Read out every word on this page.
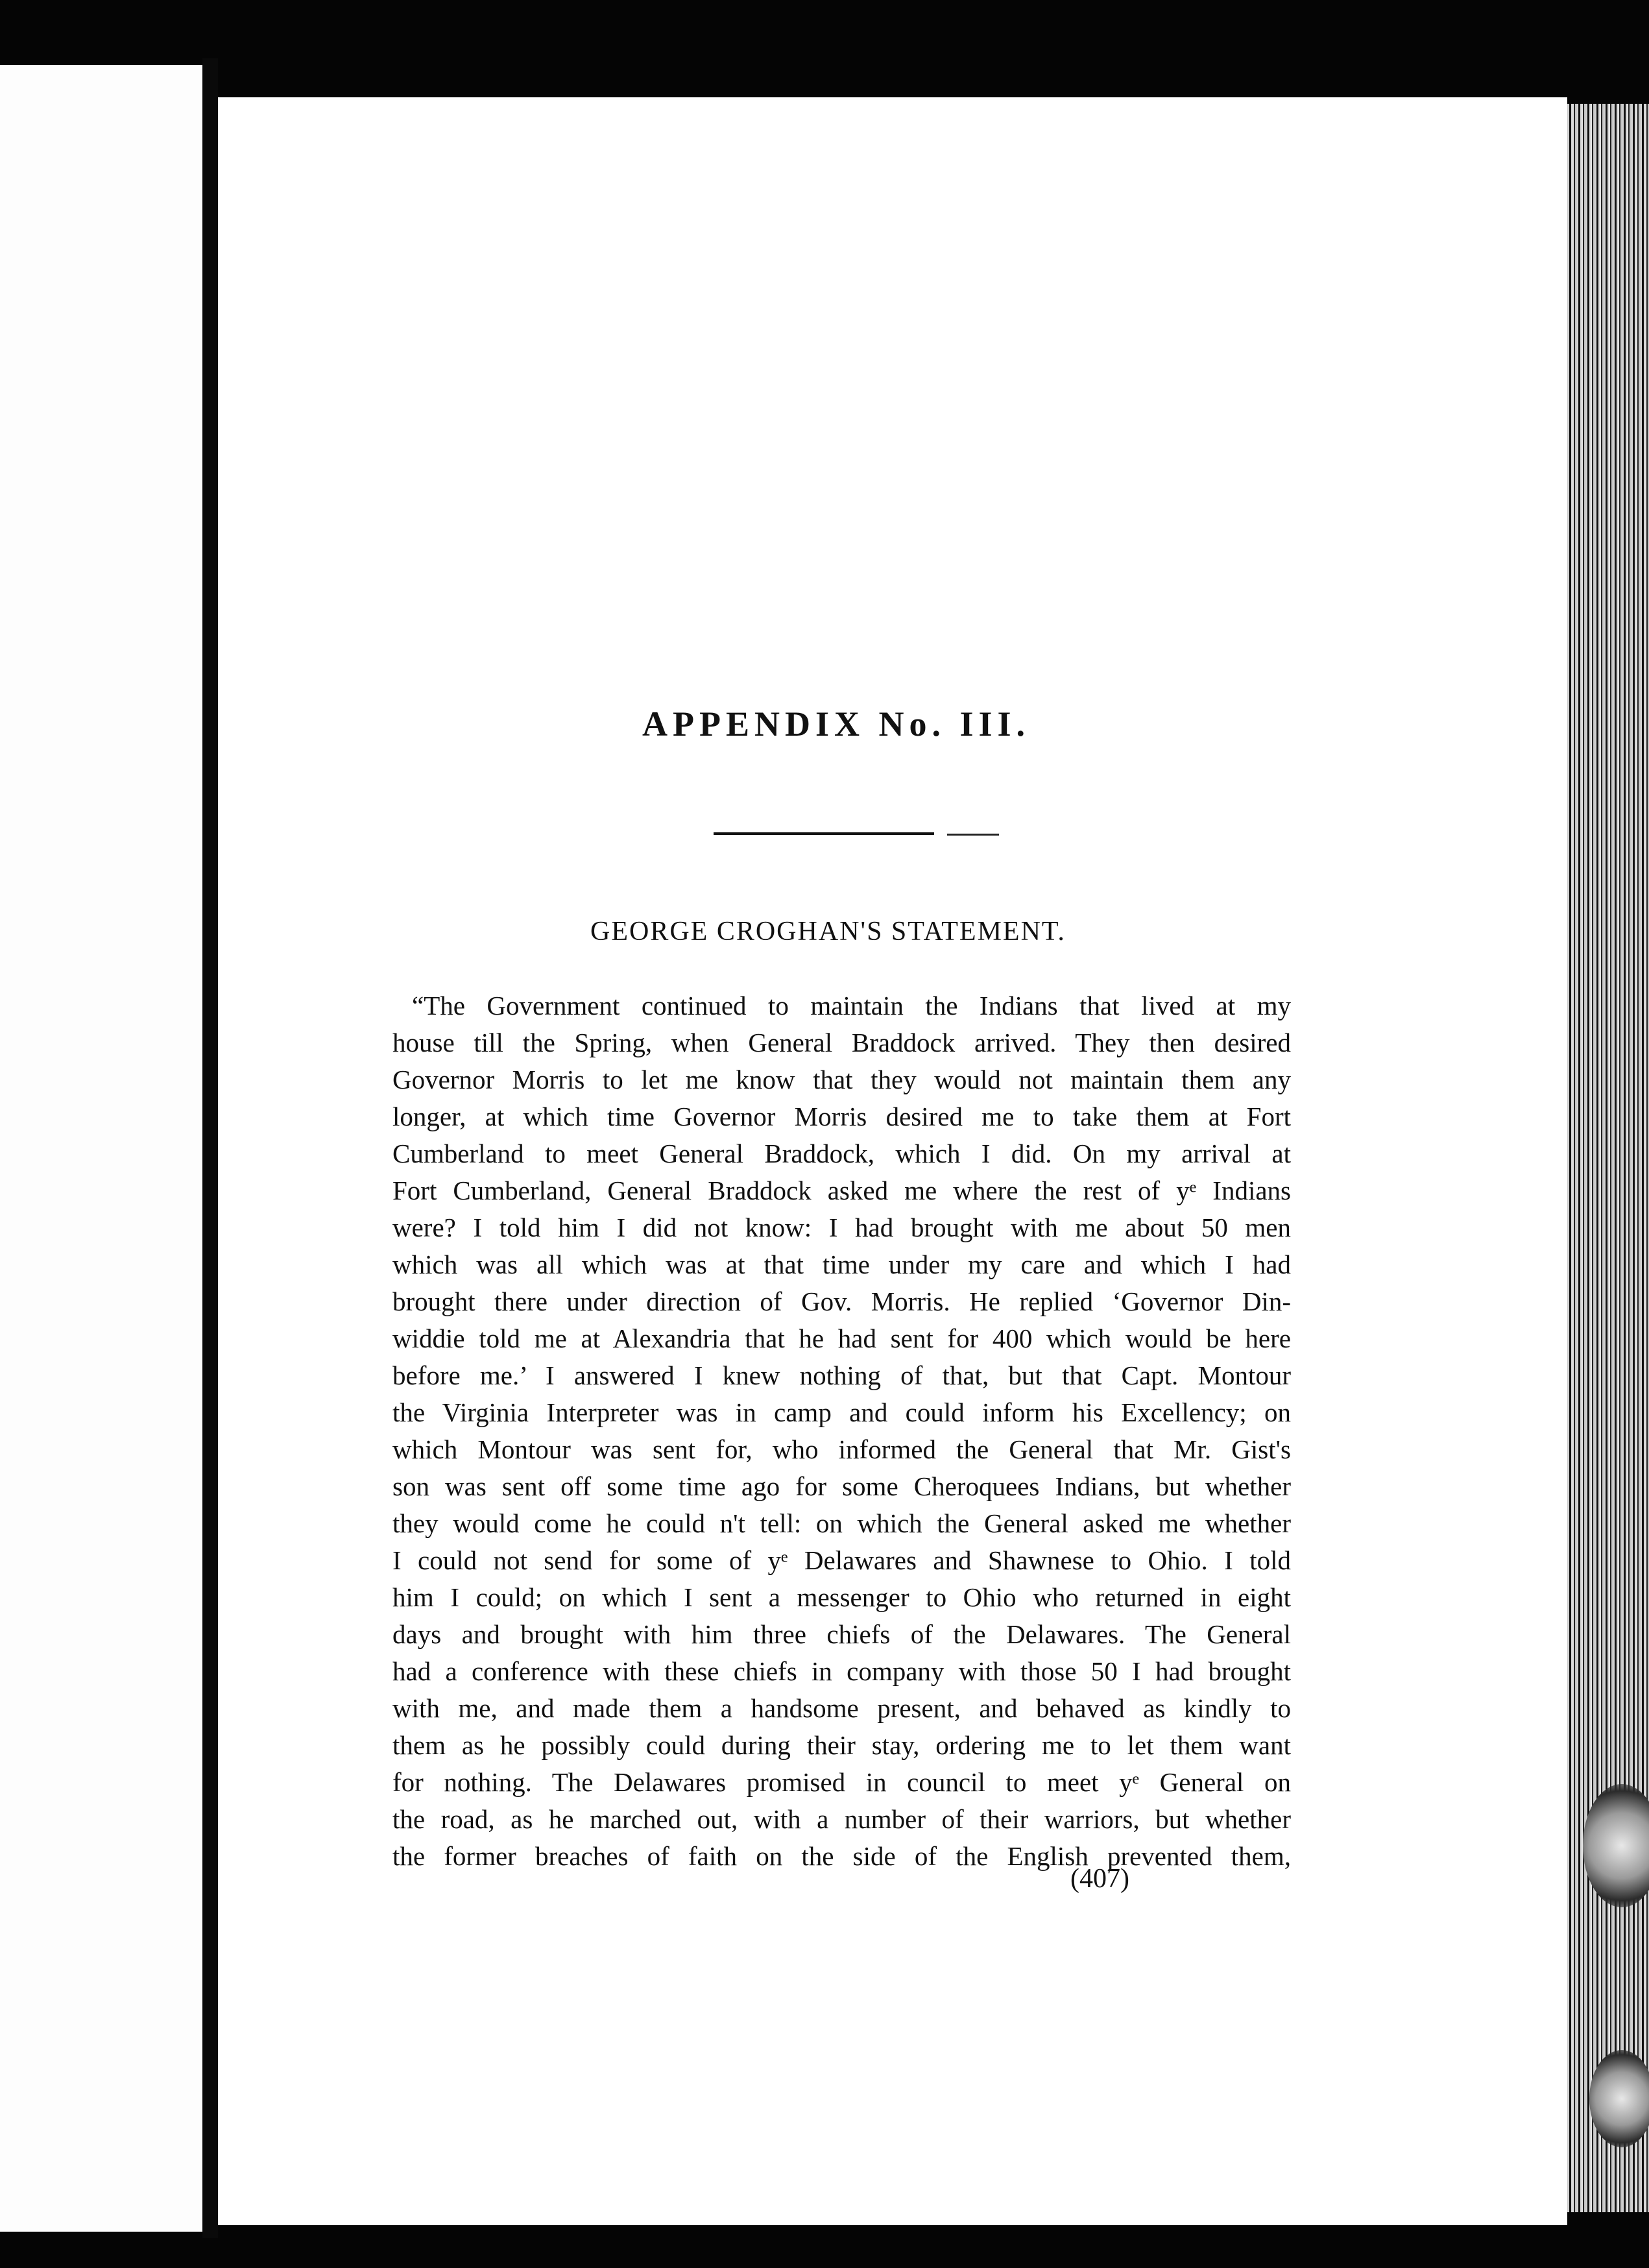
APPENDIX No. III.
GEORGE CROGHAN'S STATEMENT.
“The Government continued to maintain the Indians that lived at my
house till the Spring, when General Braddock arrived. They then desired
Governor Morris to let me know that they would not maintain them any
longer, at which time Governor Morris desired me to take them at Fort
Cumberland to meet General Braddock, which I did. On my arrival at
Fort Cumberland, General Braddock asked me where the rest of yᵉ Indians
were? I told him I did not know: I had brought with me about 50 men
which was all which was at that time under my care and which I had
brought there under direction of Gov. Morris. He replied ‘Governor Din-
widdie told me at Alexandria that he had sent for 400 which would be here
before me.’ I answered I knew nothing of that, but that Capt. Montour
the Virginia Interpreter was in camp and could inform his Excellency; on
which Montour was sent for, who informed the General that Mr. Gist's
son was sent off some time ago for some Cheroquees Indians, but whether
they would come he could n't tell: on which the General asked me whether
I could not send for some of yᵉ Delawares and Shawnese to Ohio. I told
him I could; on which I sent a messenger to Ohio who returned in eight
days and brought with him three chiefs of the Delawares. The General
had a conference with these chiefs in company with those 50 I had brought
with me, and made them a handsome present, and behaved as kindly to
them as he possibly could during their stay, ordering me to let them want
for nothing. The Delawares promised in council to meet yᵉ General on
the road, as he marched out, with a number of their warriors, but whether
the former breaches of faith on the side of the English prevented them,
(407)
